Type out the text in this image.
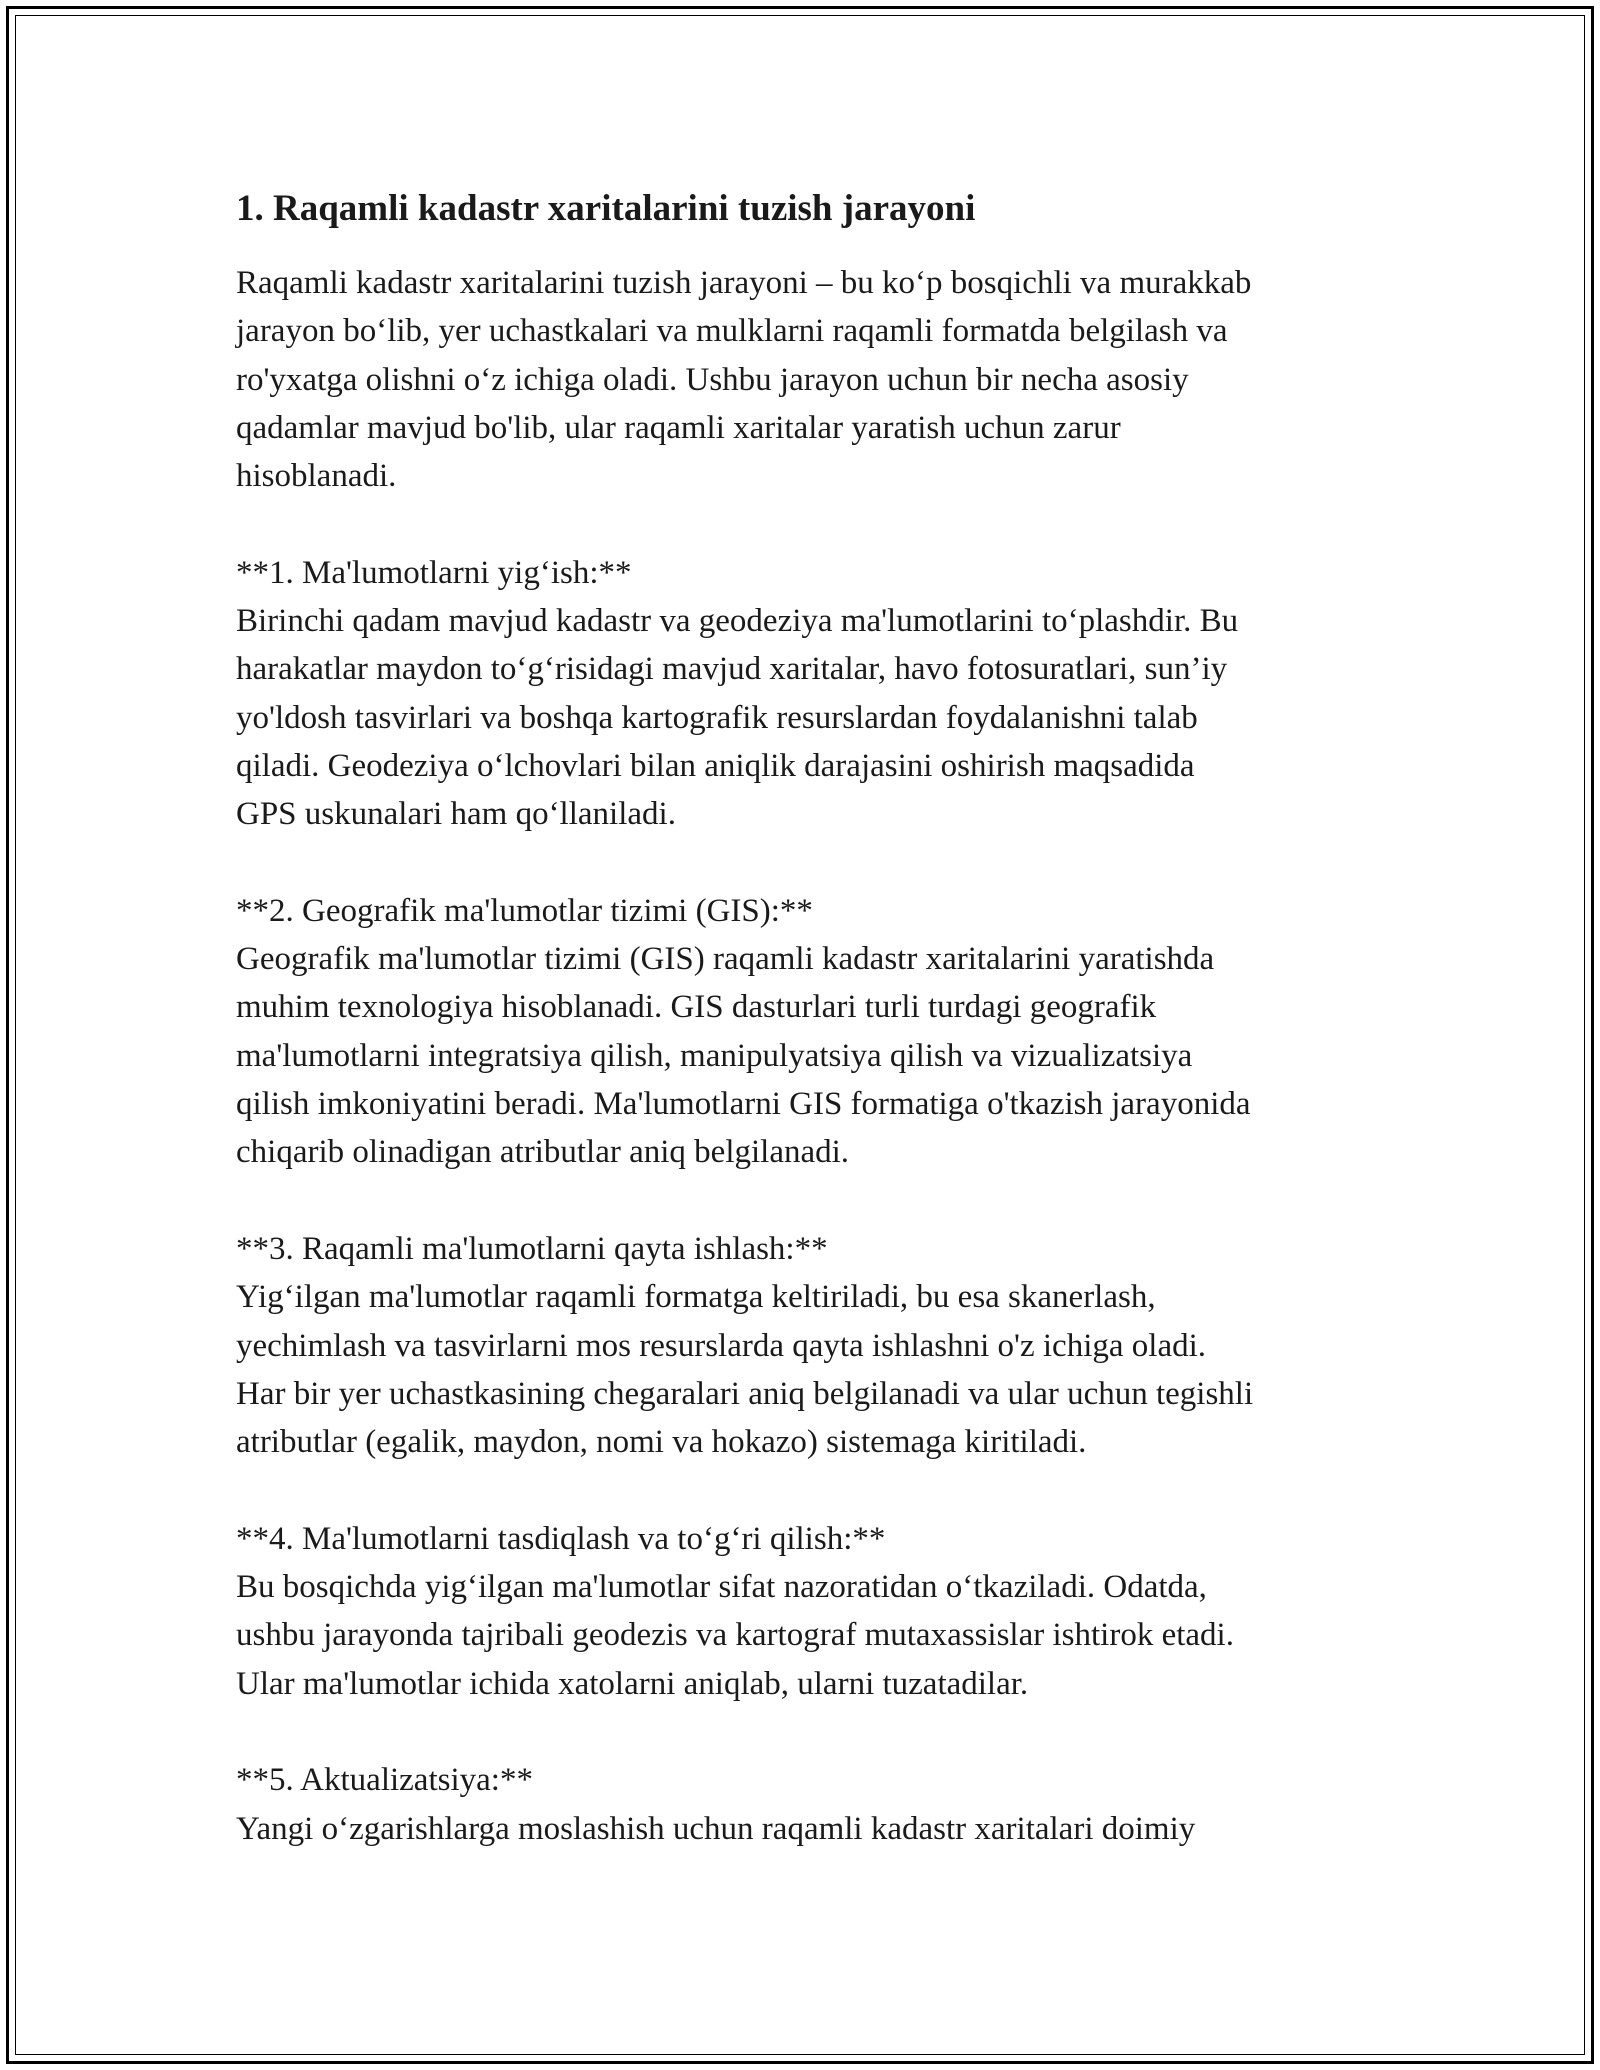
1. Raqamli kadastr xaritalarini tuzish jarayoni
Raqamli kadastr xaritalarini tuzish jarayoni – bu ko‘p bosqichli va murakkab
jarayon bo‘lib, yer uchastkalari va mulklarni raqamli formatda belgilash va
ro'yxatga olishni o‘z ichiga oladi. Ushbu jarayon uchun bir necha asosiy
qadamlar mavjud bo'lib, ular raqamli xaritalar yaratish uchun zarur
hisoblanadi.
**1. Ma'lumotlarni yig‘ish:**
Birinchi qadam mavjud kadastr va geodeziya ma'lumotlarini to‘plashdir. Bu
harakatlar maydon to‘g‘risidagi mavjud xaritalar, havo fotosuratlari, sun’iy
yo'ldosh tasvirlari va boshqa kartografik resurslardan foydalanishni talab
qiladi. Geodeziya o‘lchovlari bilan aniqlik darajasini oshirish maqsadida
GPS uskunalari ham qo‘llaniladi.
**2. Geografik ma'lumotlar tizimi (GIS):**
Geografik ma'lumotlar tizimi (GIS) raqamli kadastr xaritalarini yaratishda
muhim texnologiya hisoblanadi. GIS dasturlari turli turdagi geografik
ma'lumotlarni integratsiya qilish, manipulyatsiya qilish va vizualizatsiya
qilish imkoniyatini beradi. Ma'lumotlarni GIS formatiga o'tkazish jarayonida
chiqarib olinadigan atributlar aniq belgilanadi.
**3. Raqamli ma'lumotlarni qayta ishlash:**
Yig‘ilgan ma'lumotlar raqamli formatga keltiriladi, bu esa skanerlash,
yechimlash va tasvirlarni mos resurslarda qayta ishlashni o'z ichiga oladi.
Har bir yer uchastkasining chegaralari aniq belgilanadi va ular uchun tegishli
atributlar (egalik, maydon, nomi va hokazo) sistemaga kiritiladi.
**4. Ma'lumotlarni tasdiqlash va to‘g‘ri qilish:**
Bu bosqichda yig‘ilgan ma'lumotlar sifat nazoratidan o‘tkaziladi. Odatda,
ushbu jarayonda tajribali geodezis va kartograf mutaxassislar ishtirok etadi.
Ular ma'lumotlar ichida xatolarni aniqlab, ularni tuzatadilar.
**5. Aktualizatsiya:**
Yangi o‘zgarishlarga moslashish uchun raqamli kadastr xaritalari doimiy
